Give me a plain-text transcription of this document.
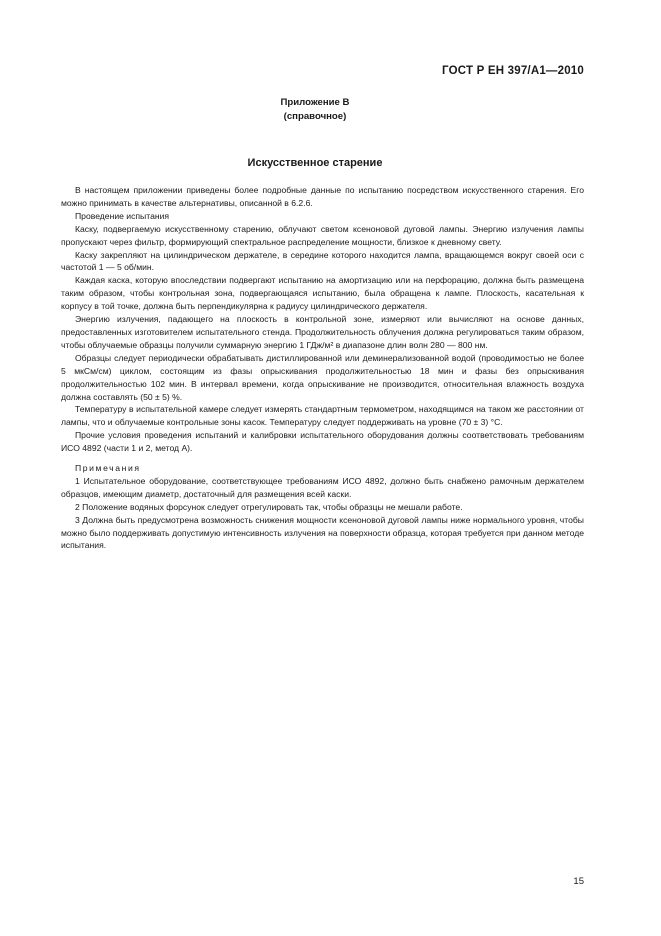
ГОСТ Р ЕН 397/А1—2010
Приложение В
(справочное)
Искусственное старение

В настоящем приложении приведены более подробные данные по испытанию посредством искусственного старения. Его можно принимать в качестве альтернативы, описанной в 6.2.6.

Проведение испытания

Каску, подвергаемую искусственному старению, облучают светом ксеноновой дуговой лампы. Энергию излучения лампы пропускают через фильтр, формирующий спектральное распределение мощности, близкое к дневному свету.

Каску закрепляют на цилиндрическом держателе, в середине которого находится лампа, вращающемся вокруг своей оси с частотой 1 — 5 об/мин.

Каждая каска, которую впоследствии подвергают испытанию на амортизацию или на перфорацию, должна быть размещена таким образом, чтобы контрольная зона, подвергающаяся испытанию, была обращена к лампе. Плоскость, касательная к корпусу в той точке, должна быть перпендикулярна к радиусу цилиндрического держателя.

Энергию излучения, падающего на плоскость в контрольной зоне, измеряют или вычисляют на основе данных, предоставленных изготовителем испытательного стенда. Продолжительность облучения должна регулироваться таким образом, чтобы облучаемые образцы получили суммарную энергию 1 ГДж/м² в диапазоне длин волн 280 — 800 нм.

Образцы следует периодически обрабатывать дистиллированной или деминерализованной водой (проводимостью не более 5 мкСм/см) циклом, состоящим из фазы опрыскивания продолжительностью 18 мин и фазы без опрыскивания продолжительностью 102 мин. В интервал времени, когда опрыскивание не производится, относительная влажность воздуха должна составлять (50 ± 5) %.

Температуру в испытательной камере следует измерять стандартным термометром, находящимся на таком же расстоянии от лампы, что и облучаемые контрольные зоны касок. Температуру следует поддерживать на уровне (70 ± 3) °С.

Прочие условия проведения испытаний и калибровки испытательного оборудования должны соответствовать требованиям ИСО 4892 (части 1 и 2, метод А).

Примечания

1 Испытательное оборудование, соответствующее требованиям ИСО 4892, должно быть снабжено рамочным держателем образцов, имеющим диаметр, достаточный для размещения всей каски.

2 Положение водяных форсунок следует отрегулировать так, чтобы образцы не мешали работе.

3 Должна быть предусмотрена возможность снижения мощности ксеноновой дуговой лампы ниже нормального уровня, чтобы можно было поддерживать допустимую интенсивность излучения на поверхности образца, которая требуется при данном методе испытания.

15
